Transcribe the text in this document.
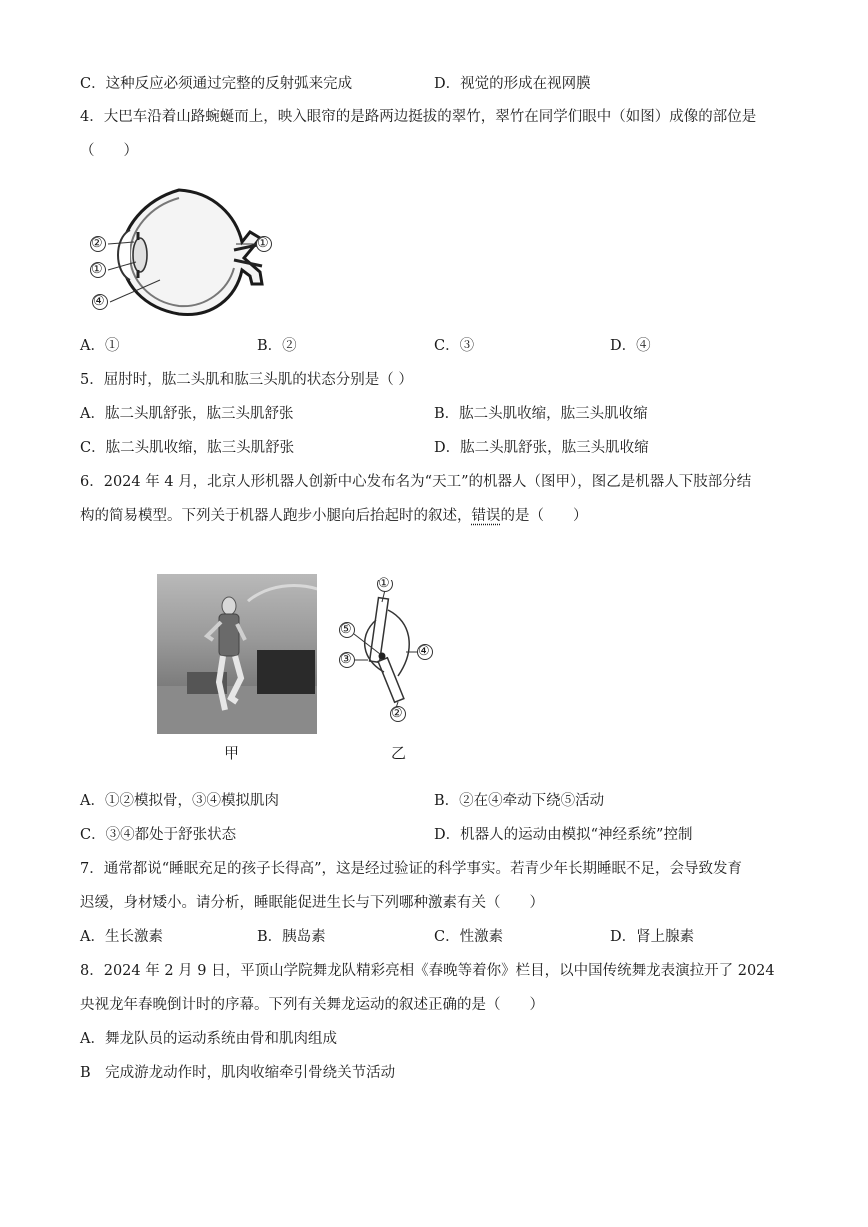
C．这种反应必须通过完整的反射弧来完成	D．视觉的形成在视网膜
4．大巴车沿着山路蜿蜒而上，映入眼帘的是路两边挺拔的翠竹，翠竹在同学们眼中（如图）成像的部位是
（　　）
②
①
④
①
A．①	B．②	C．③	D．④
5．屈肘时，肱二头肌和肱三头肌的状态分别是（ ）
A．肱二头肌舒张，肱三头肌舒张	B．肱二头肌收缩，肱三头肌收缩
C．肱二头肌收缩，肱三头肌舒张	D．肱二头肌舒张，肱三头肌收缩
6．2024 年 4 月，北京人形机器人创新中心发布名为“天工”的机器人（图甲），图乙是机器人下肢部分结
构的简易模型。下列关于机器人跑步小腿向后抬起时的叙述，错误的是（　　）
甲
①
⑤
③
④
②
乙
A．①②模拟骨，③④模拟肌肉	B．②在④牵动下绕⑤活动
C．③④都处于舒张状态	D．机器人的运动由模拟“神经系统”控制
7．通常都说“睡眠充足的孩子长得高”，这是经过验证的科学事实。若青少年长期睡眠不足，会导致发育
迟缓，身材矮小。请分析，睡眠能促进生长与下列哪种激素有关（　　）
A．生长激素	B．胰岛素	C．性激素	D．肾上腺素
8．2024 年 2 月 9 日，平顶山学院舞龙队精彩亮相《春晚等着你》栏目，以中国传统舞龙表演拉开了 2024
央视龙年春晚倒计时的序幕。下列有关舞龙运动的叙述正确的是（　　）
A．舞龙队员的运动系统由骨和肌肉组成
B　完成游龙动作时，肌肉收缩牵引骨绕关节活动
